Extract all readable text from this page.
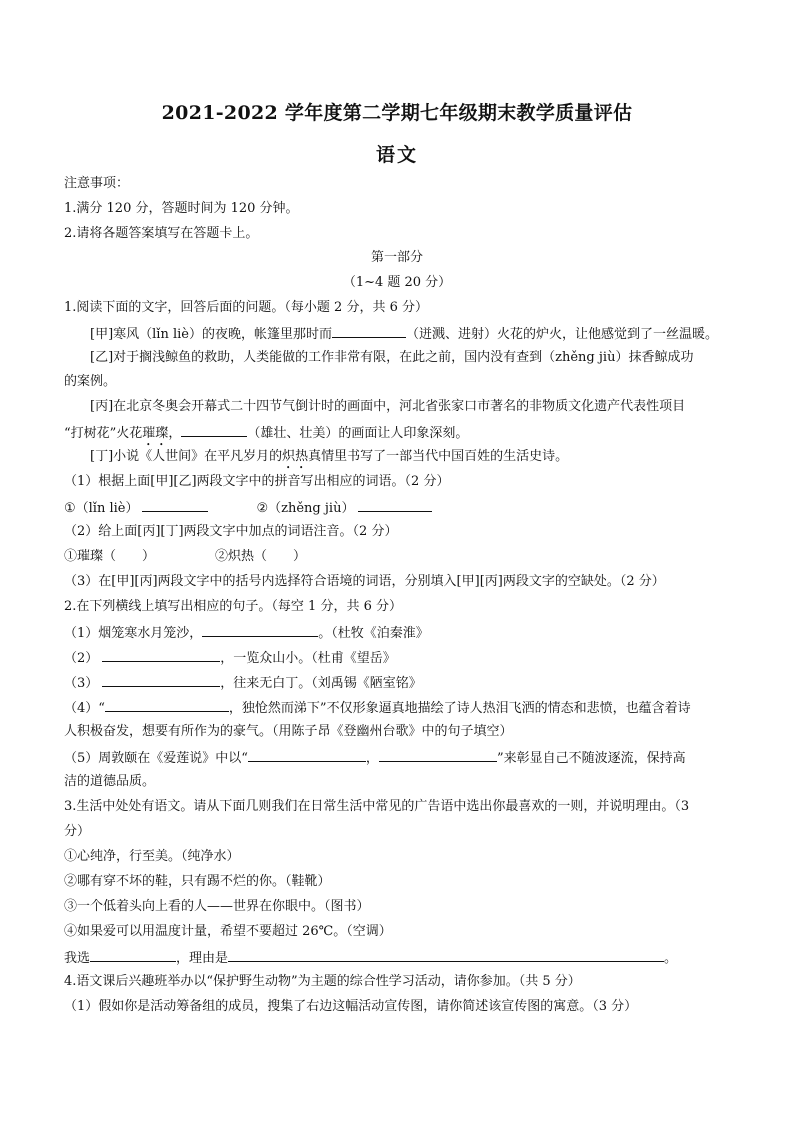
2021-2022 学年度第二学期七年级期末教学质量评估
语文
注意事项：
1.满分 120 分，答题时间为 120 分钟。
2.请将各题答案填写在答题卡上。
第一部分
（1~4 题 20 分）
1.阅读下面的文字，回答后面的问题。（每小题 2 分，共 6 分）
[甲]寒风（lǐn liè）的夜晚，帐篷里那时而	（迸溅、进射）火花的炉火，让他感觉到了一丝温暖。
[乙]对于搁浅鲸鱼的救助，人类能做的工作非常有限，在此之前，国内没有查到（zhěng jiù）抹香鲸成功
的案例。
[丙]在北京冬奥会开幕式二十四节气倒计时的画面中，河北省张家口市著名的非物质文化遗产代表性项目
“打树花”火花璀璨，	（雄壮、壮美）的画面让人印象深刻。
[丁]小说《人世间》在平凡岁月的炽热真情里书写了一部当代中国百姓的生活史诗。
（1）根据上面[甲][乙]两段文字中的拼音写出相应的词语。（2 分）
①（lǐn liè）	②（zhěng jiù）
（2）给上面[丙][丁]两段文字中加点的词语注音。（2 分）
①璀璨（　　）	②炽热（　　）
（3）在[甲][丙]两段文字中的括号内选择符合语境的词语，分别填入[甲][丙]两段文字的空缺处。（2 分）
2.在下列横线上填写出相应的句子。（每空 1 分，共 6 分）
（1）烟笼寒水月笼沙，	。（杜牧《泊秦淮》
（2）	，一览众山小。（杜甫《望岳》
（3）	，往来无白丁。（刘禹锡《陋室铭》
（4）“	，独怆然而涕下”不仅形象逼真地描绘了诗人热泪飞洒的情态和悲愤，也蕴含着诗
人积极奋发，想要有所作为的豪气。（用陈子昂《登幽州台歌》中的句子填空）
（5）周敦颐在《爱莲说》中以“	，	”来彰显自己不随波逐流，保持高
洁的道德品质。
3.生活中处处有语文。请从下面几则我们在日常生活中常见的广告语中选出你最喜欢的一则，并说明理由。（3
分）
①心纯净，行至美。（纯净水）
②哪有穿不坏的鞋，只有踢不烂的你。（鞋靴）
③一个低着头向上看的人——世界在你眼中。（图书）
④如果爱可以用温度计量，希望不要超过 26℃。（空调）
我选	，理由是	。
4.语文课后兴趣班举办以“保护野生动物”为主题的综合性学习活动，请你参加。（共 5 分）
（1）假如你是活动筹备组的成员，搜集了右边这幅活动宣传图，请你简述该宣传图的寓意。（3 分）
